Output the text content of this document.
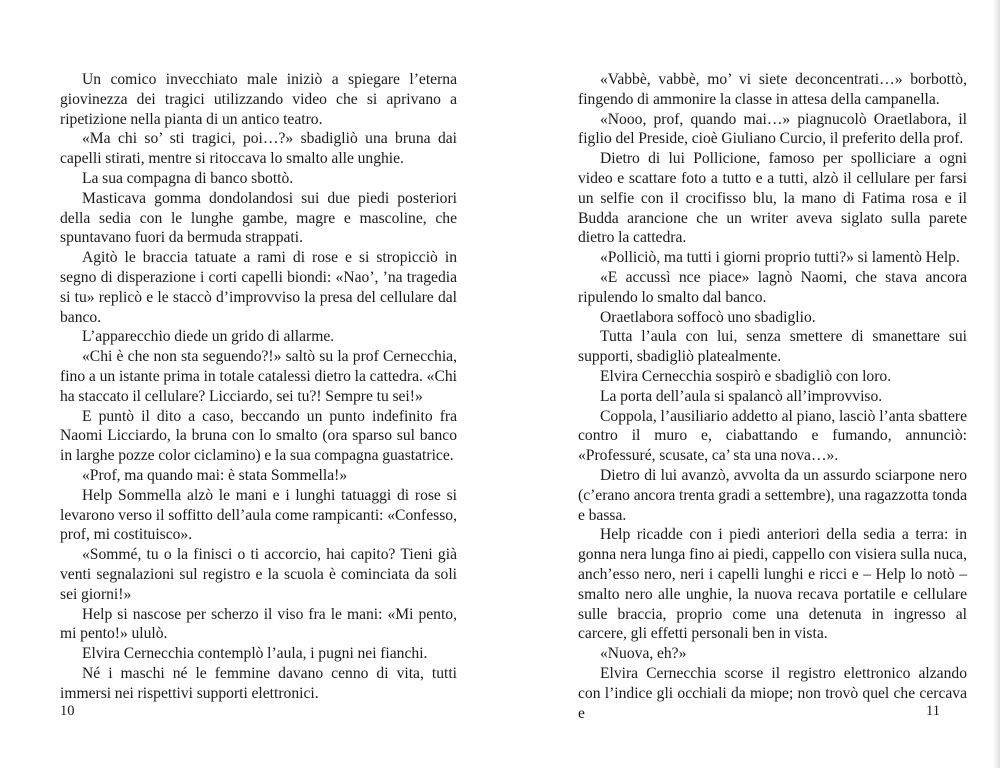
Un comico invecchiato male iniziò a spiegare l’eterna giovinezza dei tragici utilizzando video che si aprivano a ripetizione nella pianta di un antico teatro.

«Ma chi so’ sti tragici, poi…?» sbadigliò una bruna dai capelli stirati, mentre si ritoccava lo smalto alle unghie.

La sua compagna di banco sbottò.

Masticava gomma dondolandosi sui due piedi posteriori della sedia con le lunghe gambe, magre e mascoline, che spuntavano fuori da bermuda strappati.

Agitò le braccia tatuate a rami di rose e si stropicciò in segno di disperazione i corti capelli biondi: «Nao’, ’na tragedia si tu» replicò e le staccò d’improvviso la presa del cellulare dal banco.

L’apparecchio diede un grido di allarme.

«Chi è che non sta seguendo?!» saltò su la prof Cernecchia, fino a un istante prima in totale catalessi dietro la cattedra. «Chi ha staccato il cellulare? Licciardo, sei tu?! Sempre tu sei!»

E puntò il dito a caso, beccando un punto indefinito fra Naomi Licciardo, la bruna con lo smalto (ora sparso sul banco in larghe pozze color ciclamino) e la sua compagna guastatrice.

«Prof, ma quando mai: è stata Sommella!»

Help Sommella alzò le mani e i lunghi tatuaggi di rose si levarono verso il soffitto dell’aula come rampicanti: «Confesso, prof, mi costituisco».

«Sommé, tu o la finisci o ti accorcio, hai capito? Tieni già venti segnalazioni sul registro e la scuola è cominciata da soli sei giorni!»

Help si nascose per scherzo il viso fra le mani: «Mi pento, mi pento!» ululò.

Elvira Cernecchia contemplò l’aula, i pugni nei fianchi.

Né i maschi né le femmine davano cenno di vita, tutti immersi nei rispettivi supporti elettronici.

«Vabbè, vabbè, mo’ vi siete deconcentrati…» borbottò, fingendo di ammonire la classe in attesa della campanella.

«Nooo, prof, quando mai…» piagnucolò Oraetlabora, il figlio del Preside, cioè Giuliano Curcio, il preferito della prof.

Dietro di lui Pollicione, famoso per spolliciare a ogni video e scattare foto a tutto e a tutti, alzò il cellulare per farsi un selfie con il crocifisso blu, la mano di Fatima rosa e il Budda arancione che un writer aveva siglato sulla parete dietro la cattedra.

«Polliciò, ma tutti i giorni proprio tutti?» si lamentò Help.

«E accussì nce piace» lagnò Naomi, che stava ancora ripulendo lo smalto dal banco.

Oraetlabora soffocò uno sbadiglio.

Tutta l’aula con lui, senza smettere di smanettare sui supporti, sbadigliò platealmente.

Elvira Cernecchia sospirò e sbadigliò con loro.

La porta dell’aula si spalancò all’improvviso.

Coppola, l’ausiliario addetto al piano, lasciò l’anta sbattere contro il muro e, ciabattando e fumando, annunciò: «Professuré, scusate, ca’ sta una nova…».

Dietro di lui avanzò, avvolta da un assurdo sciarpone nero (c’erano ancora trenta gradi a settembre), una ragazzotta tonda e bassa.

Help ricadde con i piedi anteriori della sedia a terra: in gonna nera lunga fino ai piedi, cappello con visiera sulla nuca, anch’esso nero, neri i capelli lunghi e ricci e – Help lo notò – smalto nero alle unghie, la nuova recava portatile e cellulare sulle braccia, proprio come una detenuta in ingresso al carcere, gli effetti personali ben in vista.

«Nuova, eh?»

Elvira Cernecchia scorse il registro elettronico alzando con l’indice gli occhiali da miope; non trovò quel che cercava e

10	11
